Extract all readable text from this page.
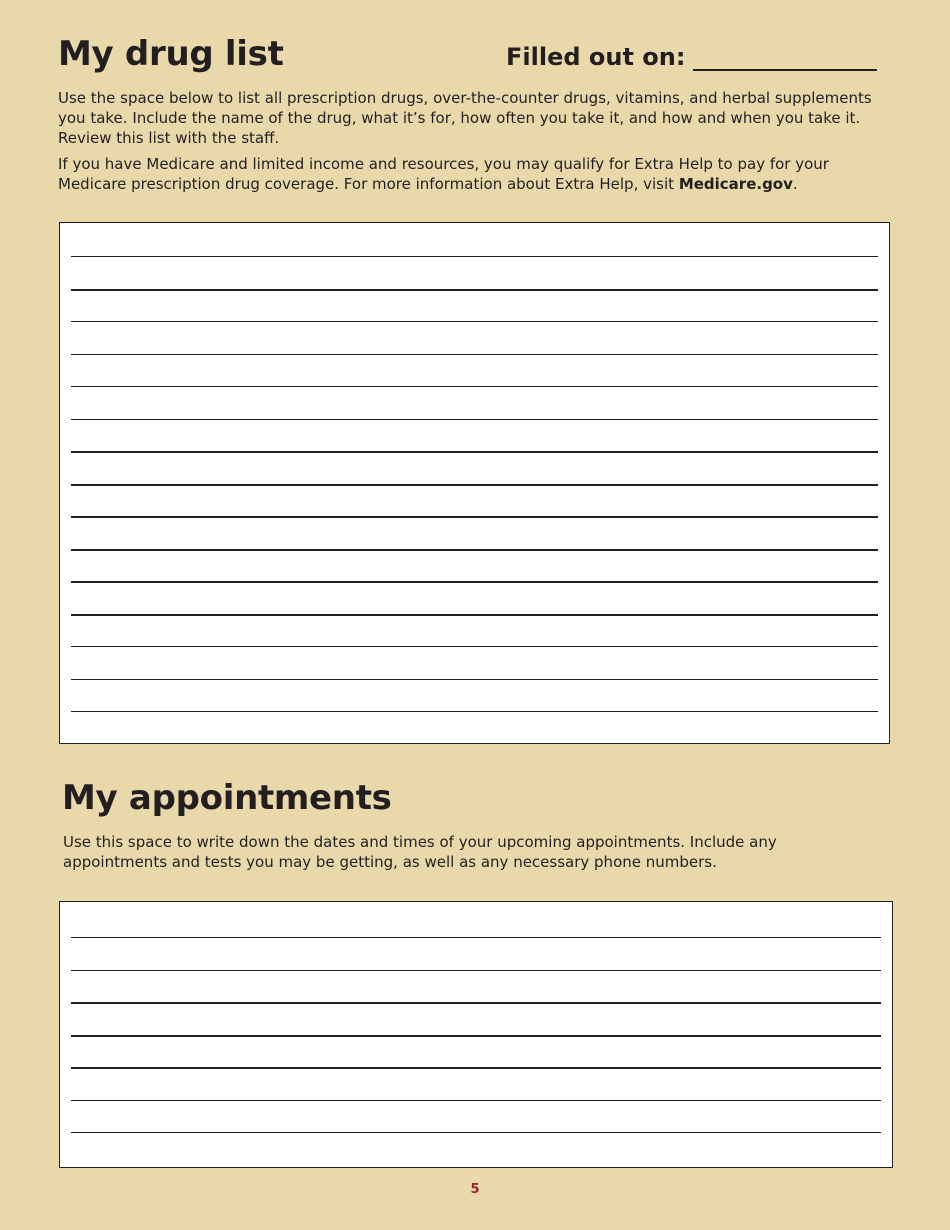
My drug list	Filled out on:

Use the space below to list all prescription drugs, over-the-counter drugs, vitamins, and herbal supplements you take. Include the name of the drug, what it’s for, how often you take it, and how and when you take it. Review this list with the staff.

If you have Medicare and limited income and resources, you may qualify for Extra Help to pay for your Medicare prescription drug coverage. For more information about Extra Help, visit Medicare.gov.

My appointments

Use this space to write down the dates and times of your upcoming appointments. Include any appointments and tests you may be getting, as well as any necessary phone numbers.

5
